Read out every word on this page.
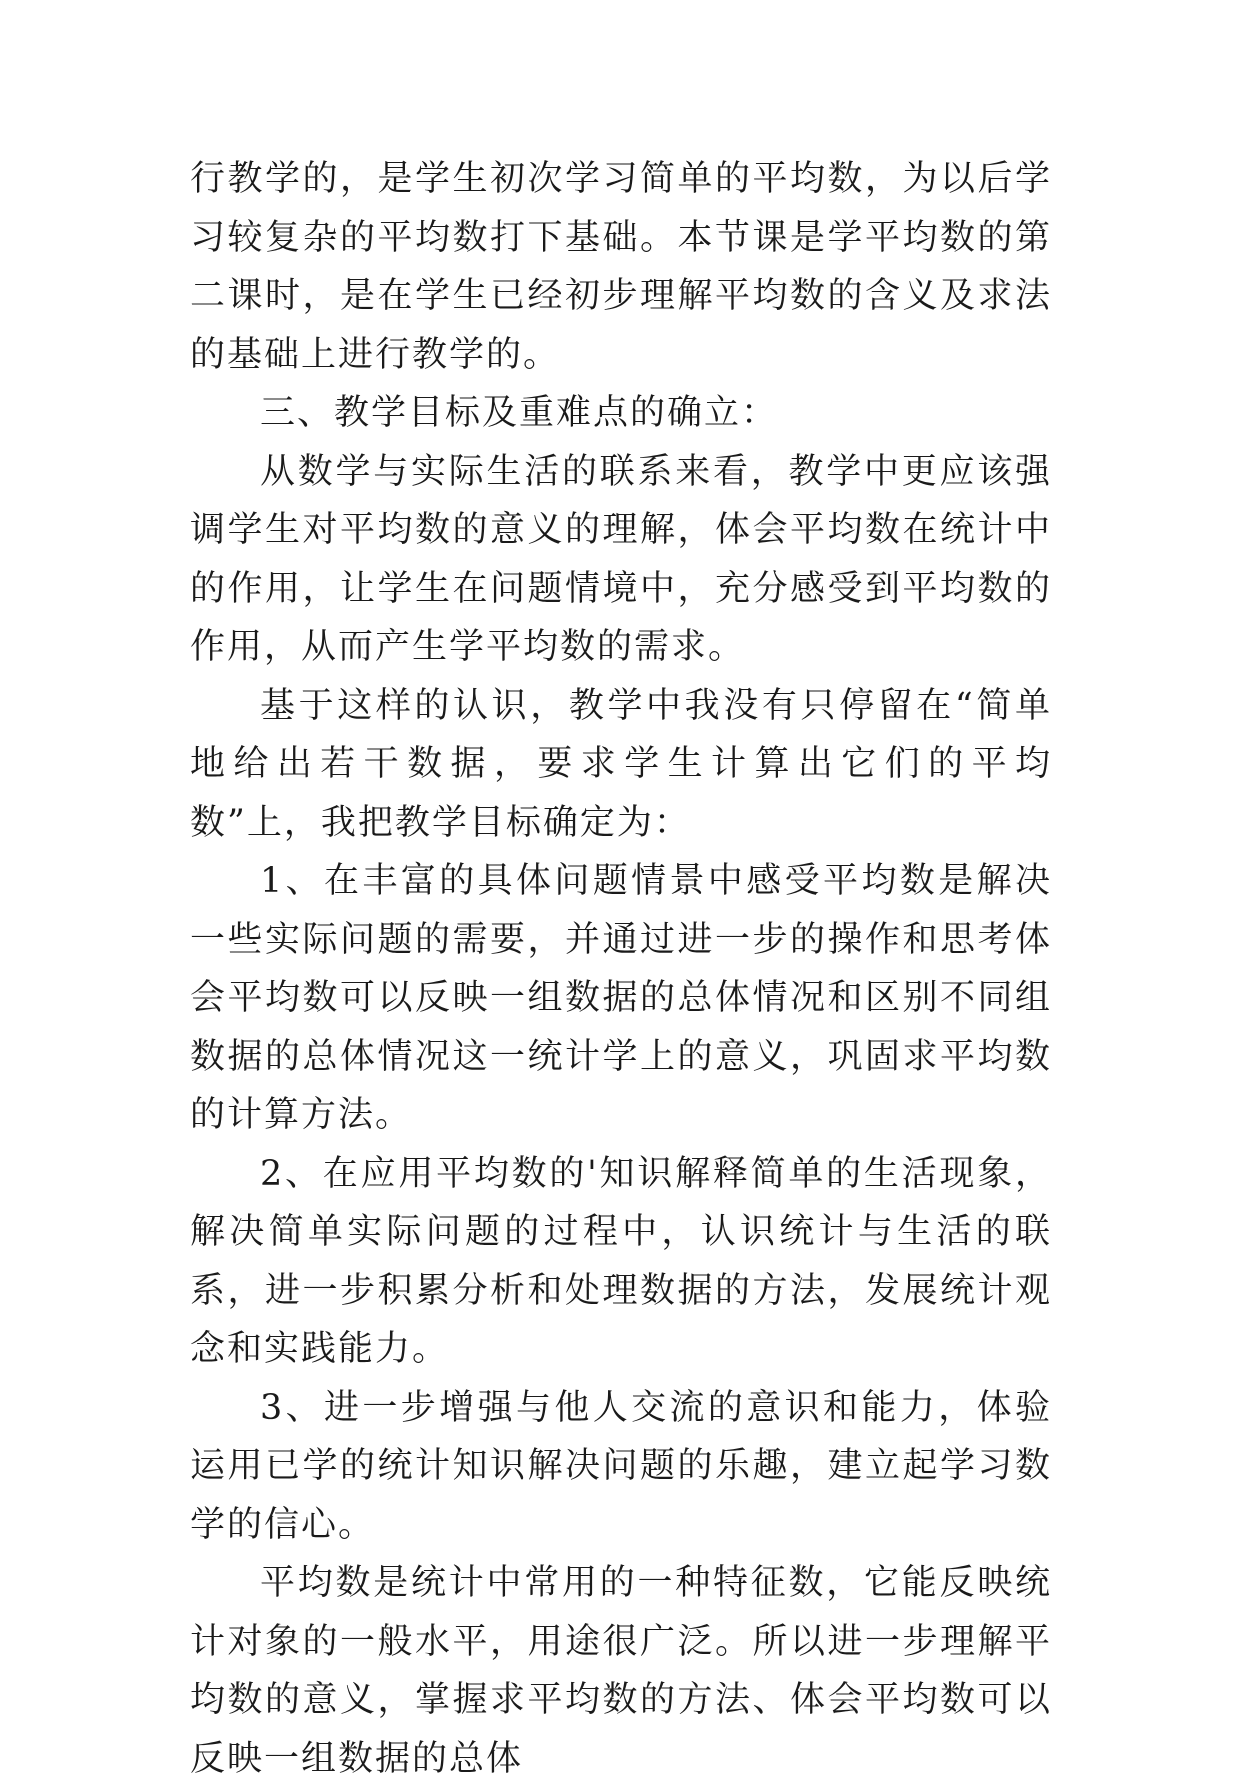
行教学的，是学生初次学习简单的平均数，为以后学习较复杂的平均数打下基础。本节课是学平均数的第二课时，是在学生已经初步理解平均数的含义及求法的基础上进行教学的。

三、教学目标及重难点的确立：

从数学与实际生活的联系来看，教学中更应该强调学生对平均数的意义的理解，体会平均数在统计中的作用，让学生在问题情境中，充分感受到平均数的作用，从而产生学平均数的需求。

基于这样的认识，教学中我没有只停留在“简单地给出若干数据，要求学生计算出它们的平均数”上，我把教学目标确定为：

1、在丰富的具体问题情景中感受平均数是解决一些实际问题的需要，并通过进一步的操作和思考体会平均数可以反映一组数据的总体情况和区别不同组数据的总体情况这一统计学上的意义，巩固求平均数的计算方法。

2、在应用平均数的'知识解释简单的生活现象，解决简单实际问题的过程中，认识统计与生活的联系，进一步积累分析和处理数据的方法，发展统计观念和实践能力。

3、进一步增强与他人交流的意识和能力，体验运用已学的统计知识解决问题的乐趣，建立起学习数学的信心。

平均数是统计中常用的一种特征数，它能反映统计对象的一般水平，用途很广泛。所以进一步理解平均数的意义，掌握求平均数的方法、体会平均数可以反映一组数据的总体
